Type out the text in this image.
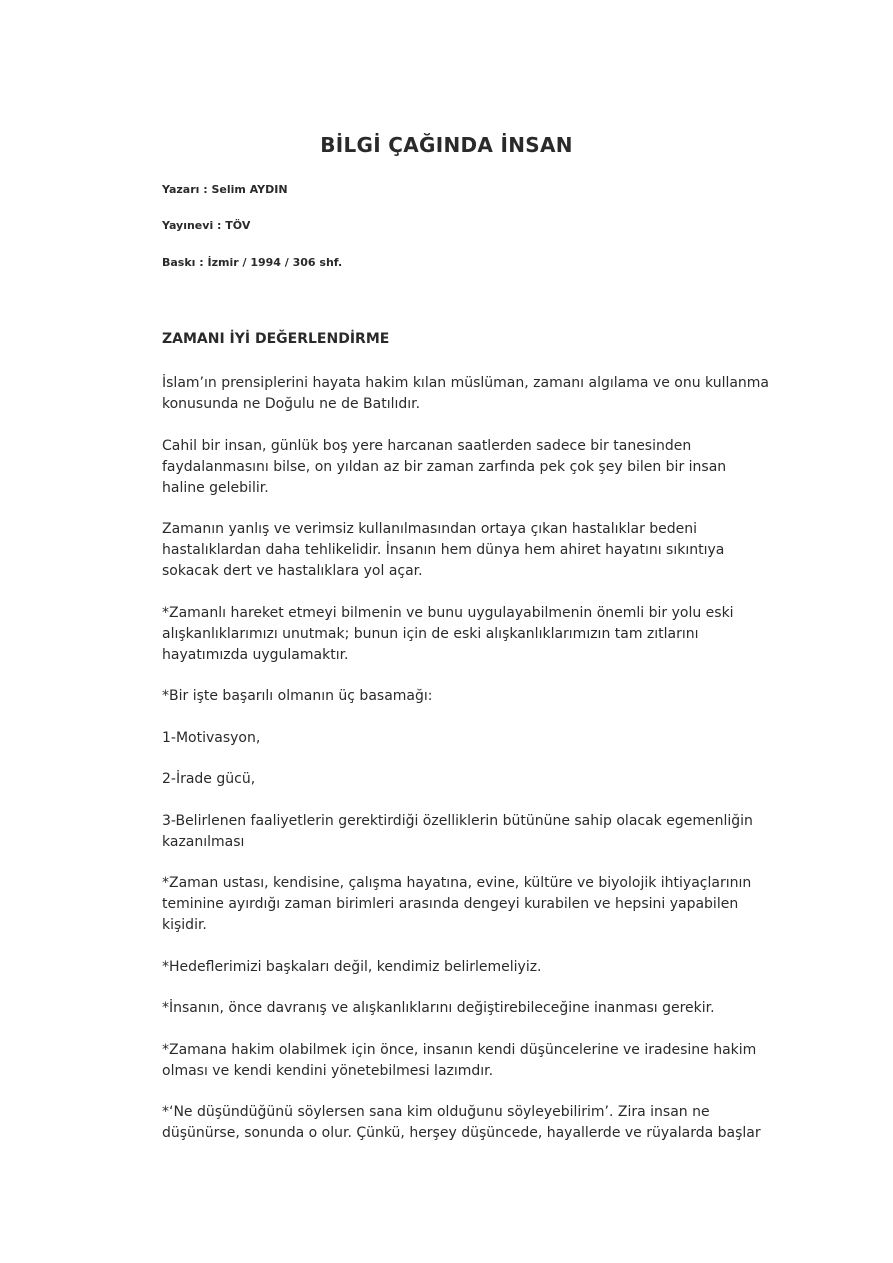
BİLGİ ÇAĞINDA İNSAN
Yazarı : Selim AYDIN
Yayınevi : TÖV
Baskı : İzmir / 1994 / 306 shf.
ZAMANI İYİ DEĞERLENDİRME

İslam’ın prensiplerini hayata hakim kılan müslüman, zamanı algılama ve onu kullanma
konusunda ne Doğulu ne de Batılıdır.

Cahil bir insan, günlük boş yere harcanan saatlerden sadece bir tanesinden
faydalanmasını bilse, on yıldan az bir zaman zarfında pek çok şey bilen bir insan
haline gelebilir.

Zamanın yanlış ve verimsiz kullanılmasından ortaya çıkan hastalıklar bedeni
hastalıklardan daha tehlikelidir. İnsanın hem dünya hem ahiret hayatını sıkıntıya
sokacak dert ve hastalıklara yol açar.

*Zamanlı hareket etmeyi bilmenin ve bunu uygulayabilmenin önemli bir yolu eski
alışkanlıklarımızı unutmak; bunun için de eski alışkanlıklarımızın tam zıtlarını
hayatımızda uygulamaktır.

*Bir işte başarılı olmanın üç basamağı:

1-Motivasyon,

2-İrade gücü,

3-Belirlenen faaliyetlerin gerektirdiği özelliklerin bütününe sahip olacak egemenliğin
kazanılması

*Zaman ustası, kendisine, çalışma hayatına, evine, kültüre ve biyolojik ihtiyaçlarının
teminine ayırdığı zaman birimleri arasında dengeyi kurabilen ve hepsini yapabilen
kişidir.

*Hedeflerimizi başkaları değil, kendimiz belirlemeliyiz.

*İnsanın, önce davranış ve alışkanlıklarını değiştirebileceğine inanması gerekir.

*Zamana hakim olabilmek için önce, insanın kendi düşüncelerine ve iradesine hakim
olması ve kendi kendini yönetebilmesi lazımdır.

*‘Ne düşündüğünü söylersen sana kim olduğunu söyleyebilirim’. Zira insan ne
düşünürse, sonunda o olur. Çünkü, herşey düşüncede, hayallerde ve rüyalarda başlar
